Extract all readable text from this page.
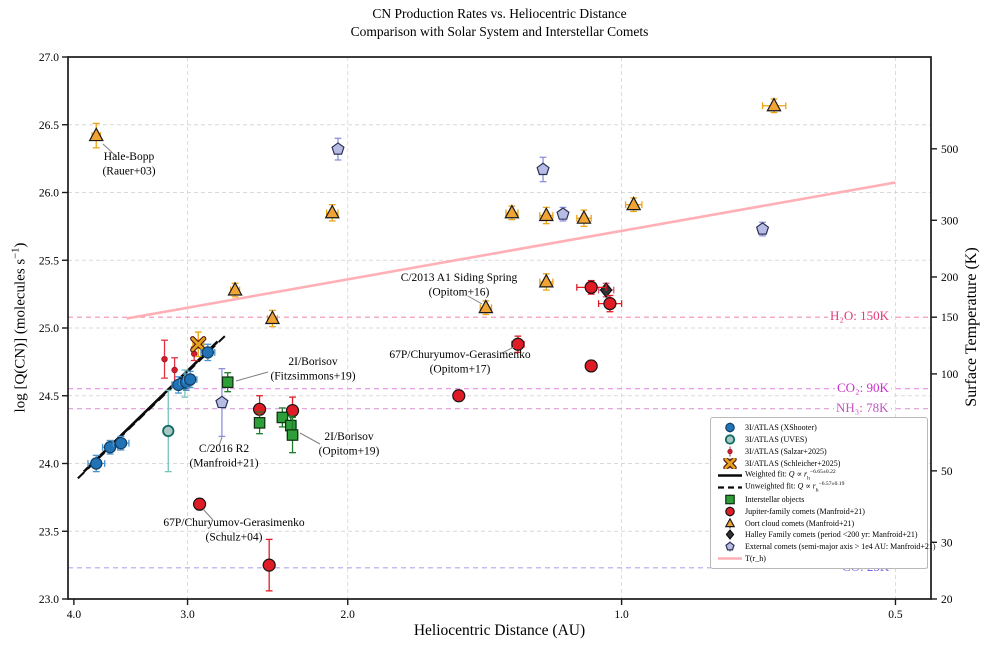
CN Production Rates vs. Heliocentric Distance
Comparison with Solar System and Interstellar Comets
Hale-Bopp
(Rauer+03)
C/2013 A1 Siding Spring
(Opitom+16)
67P/Churyumov-Gerasimenko
(Opitom+17)
2I/Borisov
(Fitzsimmons+19)
2I/Borisov
(Opitom+19)
C/2016 R2
(Manfroid+21)
67P/Churyumov-Gerasimenko
(Schulz+04)
23.0
23.5
24.0
24.5
25.0
25.5
26.0
26.5
27.0
20
30
50
100
150
200
300
500
4.0	3.0	2.0	1.0	0.5
log [Q(CN)] (molecules $s^{-1}$)
Surface Temperature (K)
Heliocentric Distance (AU)
H₂O: 150K
CO₂: 90K
NH₃: 78K
3I/ATLAS (XShooter)
3I/ATLAS (UVES)
3I/ATLAS (Salzar+2025)
3I/ATLAS (Schleicher+2025)
Weighted fit: $Q \propto r_h^{-6.65\pm 0.22}$
Unweighted fit: $Q \propto r_h^{-6.57\pm 0.19}$
Interstellar objects
Jupiter-family comets (Manfroid+21)
Oort cloud comets (Manfroid+21)
Halley Family comets (period <200 yr: Manfroid+21)
External comets (semi-major axis > 1e4 AU: Manfroid+21)
T(r_h)
